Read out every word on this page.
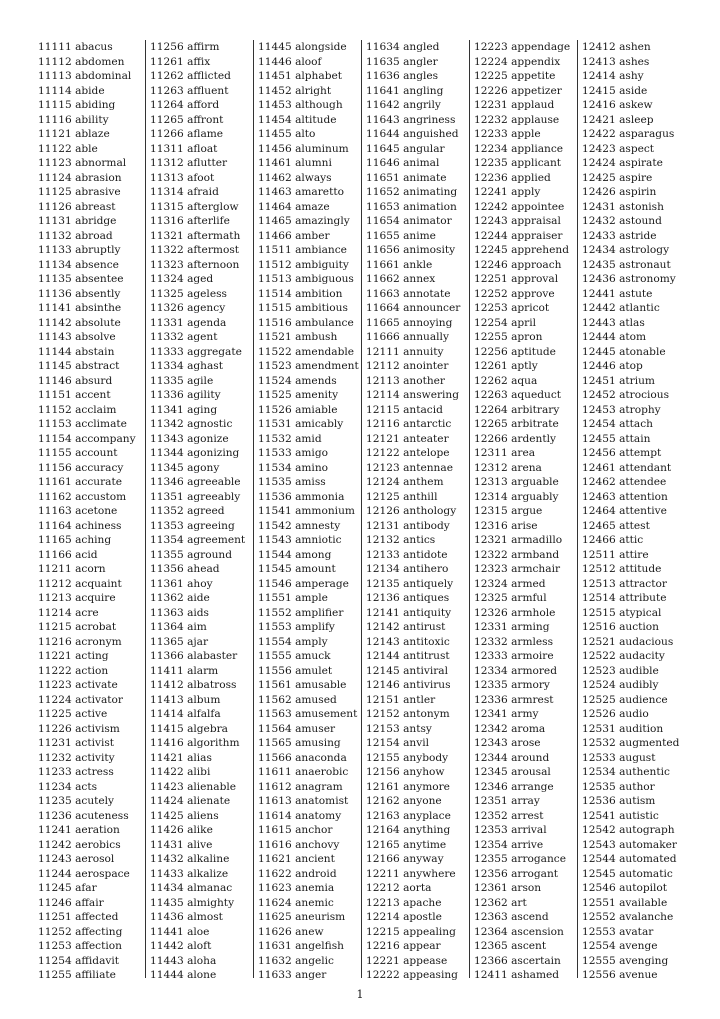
11111 abacus
11112 abdomen
11113 abdominal
11114 abide
11115 abiding
11116 ability
11121 ablaze
11122 able
11123 abnormal
11124 abrasion
11125 abrasive
11126 abreast
11131 abridge
11132 abroad
11133 abruptly
11134 absence
11135 absentee
11136 absently
11141 absinthe
11142 absolute
11143 absolve
11144 abstain
11145 abstract
11146 absurd
11151 accent
11152 acclaim
11153 acclimate
11154 accompany
11155 account
11156 accuracy
11161 accurate
11162 accustom
11163 acetone
11164 achiness
11165 aching
11166 acid
11211 acorn
11212 acquaint
11213 acquire
11214 acre
11215 acrobat
11216 acronym
11221 acting
11222 action
11223 activate
11224 activator
11225 active
11226 activism
11231 activist
11232 activity
11233 actress
11234 acts
11235 acutely
11236 acuteness
11241 aeration
11242 aerobics
11243 aerosol
11244 aerospace
11245 afar
11246 affair
11251 affected
11252 affecting
11253 affection
11254 affidavit
11255 affiliate
11256 affirm
11261 affix
11262 afflicted
11263 affluent
11264 afford
11265 affront
11266 aflame
11311 afloat
11312 aflutter
11313 afoot
11314 afraid
11315 afterglow
11316 afterlife
11321 aftermath
11322 aftermost
11323 afternoon
11324 aged
11325 ageless
11326 agency
11331 agenda
11332 agent
11333 aggregate
11334 aghast
11335 agile
11336 agility
11341 aging
11342 agnostic
11343 agonize
11344 agonizing
11345 agony
11346 agreeable
11351 agreeably
11352 agreed
11353 agreeing
11354 agreement
11355 aground
11356 ahead
11361 ahoy
11362 aide
11363 aids
11364 aim
11365 ajar
11366 alabaster
11411 alarm
11412 albatross
11413 album
11414 alfalfa
11415 algebra
11416 algorithm
11421 alias
11422 alibi
11423 alienable
11424 alienate
11425 aliens
11426 alike
11431 alive
11432 alkaline
11433 alkalize
11434 almanac
11435 almighty
11436 almost
11441 aloe
11442 aloft
11443 aloha
11444 alone
11445 alongside
11446 aloof
11451 alphabet
11452 alright
11453 although
11454 altitude
11455 alto
11456 aluminum
11461 alumni
11462 always
11463 amaretto
11464 amaze
11465 amazingly
11466 amber
11511 ambiance
11512 ambiguity
11513 ambiguous
11514 ambition
11515 ambitious
11516 ambulance
11521 ambush
11522 amendable
11523 amendment
11524 amends
11525 amenity
11526 amiable
11531 amicably
11532 amid
11533 amigo
11534 amino
11535 amiss
11536 ammonia
11541 ammonium
11542 amnesty
11543 amniotic
11544 among
11545 amount
11546 amperage
11551 ample
11552 amplifier
11553 amplify
11554 amply
11555 amuck
11556 amulet
11561 amusable
11562 amused
11563 amusement
11564 amuser
11565 amusing
11566 anaconda
11611 anaerobic
11612 anagram
11613 anatomist
11614 anatomy
11615 anchor
11616 anchovy
11621 ancient
11622 android
11623 anemia
11624 anemic
11625 aneurism
11626 anew
11631 angelfish
11632 angelic
11633 anger
11634 angled
11635 angler
11636 angles
11641 angling
11642 angrily
11643 angriness
11644 anguished
11645 angular
11646 animal
11651 animate
11652 animating
11653 animation
11654 animator
11655 anime
11656 animosity
11661 ankle
11662 annex
11663 annotate
11664 announcer
11665 annoying
11666 annually
12111 annuity
12112 anointer
12113 another
12114 answering
12115 antacid
12116 antarctic
12121 anteater
12122 antelope
12123 antennae
12124 anthem
12125 anthill
12126 anthology
12131 antibody
12132 antics
12133 antidote
12134 antihero
12135 antiquely
12136 antiques
12141 antiquity
12142 antirust
12143 antitoxic
12144 antitrust
12145 antiviral
12146 antivirus
12151 antler
12152 antonym
12153 antsy
12154 anvil
12155 anybody
12156 anyhow
12161 anymore
12162 anyone
12163 anyplace
12164 anything
12165 anytime
12166 anyway
12211 anywhere
12212 aorta
12213 apache
12214 apostle
12215 appealing
12216 appear
12221 appease
12222 appeasing
12223 appendage
12224 appendix
12225 appetite
12226 appetizer
12231 applaud
12232 applause
12233 apple
12234 appliance
12235 applicant
12236 applied
12241 apply
12242 appointee
12243 appraisal
12244 appraiser
12245 apprehend
12246 approach
12251 approval
12252 approve
12253 apricot
12254 april
12255 apron
12256 aptitude
12261 aptly
12262 aqua
12263 aqueduct
12264 arbitrary
12265 arbitrate
12266 ardently
12311 area
12312 arena
12313 arguable
12314 arguably
12315 argue
12316 arise
12321 armadillo
12322 armband
12323 armchair
12324 armed
12325 armful
12326 armhole
12331 arming
12332 armless
12333 armoire
12334 armored
12335 armory
12336 armrest
12341 army
12342 aroma
12343 arose
12344 around
12345 arousal
12346 arrange
12351 array
12352 arrest
12353 arrival
12354 arrive
12355 arrogance
12356 arrogant
12361 arson
12362 art
12363 ascend
12364 ascension
12365 ascent
12366 ascertain
12411 ashamed
12412 ashen
12413 ashes
12414 ashy
12415 aside
12416 askew
12421 asleep
12422 asparagus
12423 aspect
12424 aspirate
12425 aspire
12426 aspirin
12431 astonish
12432 astound
12433 astride
12434 astrology
12435 astronaut
12436 astronomy
12441 astute
12442 atlantic
12443 atlas
12444 atom
12445 atonable
12446 atop
12451 atrium
12452 atrocious
12453 atrophy
12454 attach
12455 attain
12456 attempt
12461 attendant
12462 attendee
12463 attention
12464 attentive
12465 attest
12466 attic
12511 attire
12512 attitude
12513 attractor
12514 attribute
12515 atypical
12516 auction
12521 audacious
12522 audacity
12523 audible
12524 audibly
12525 audience
12526 audio
12531 audition
12532 augmented
12533 august
12534 authentic
12535 author
12536 autism
12541 autistic
12542 autograph
12543 automaker
12544 automated
12545 automatic
12546 autopilot
12551 available
12552 avalanche
12553 avatar
12554 avenge
12555 avenging
12556 avenue
1
